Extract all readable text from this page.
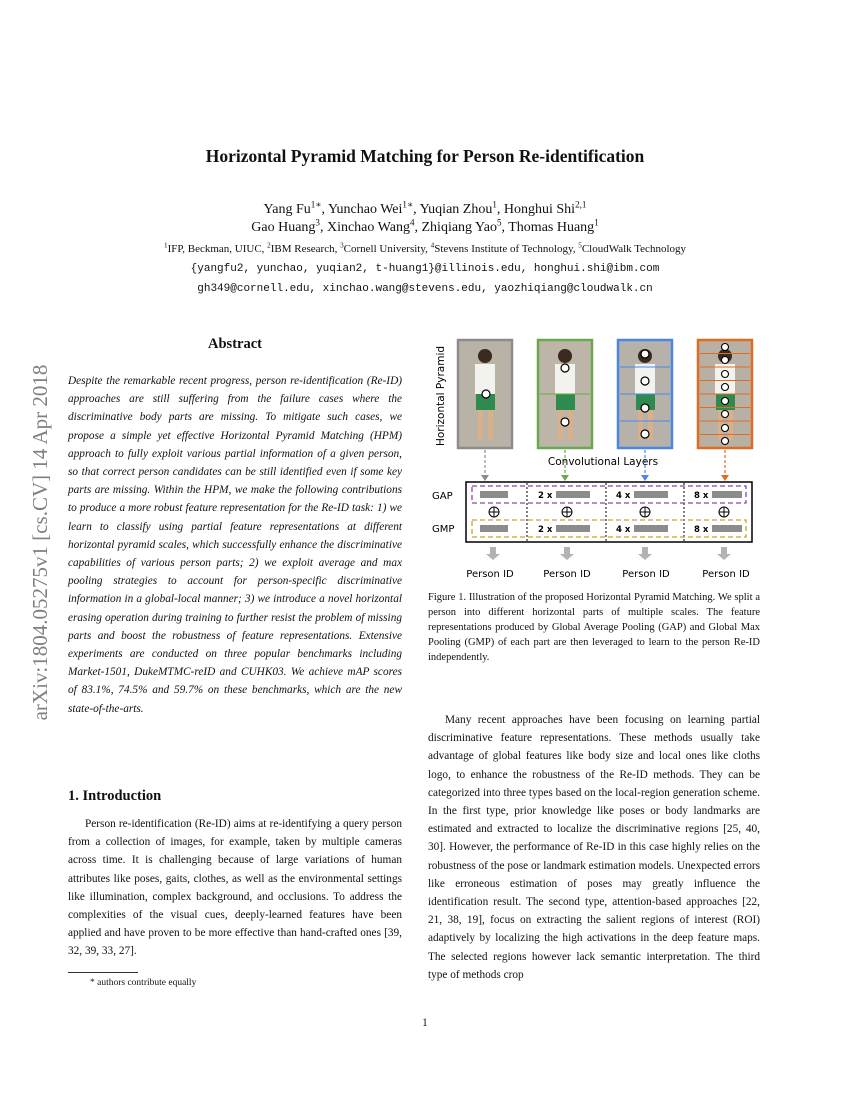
arXiv:1804.05275v1 [cs.CV] 14 Apr 2018
Horizontal Pyramid Matching for Person Re-identification
Yang $Fu^{1∗}$, Yunchao Wei$^{1∗}$, Yuqian Zhou$^1$, Honghui Shi$^{2,1}$
Gao Huang$^3$, Xinchao Wang$^4$, Zhiqiang Yao$^5$, Thomas Huang$^1$
$^1$IFP, Beckman, UIUC, $^2$IBM Research, $^3$Cornell University, $^4$Stevens Institute of Technology, $^5$CloudWalk Technology
{yangfu2, yunchao, yuqian2, t-huang1}@illinois.edu, honghui.shi@ibm.com
gh349@cornell.edu, xinchao.wang@stevens.edu, yaozhiqiang@cloudwalk.cn
Abstract
Despite the remarkable recent progress, person re-identification (Re-ID) approaches are still suffering from the failure cases where the discriminative body parts are missing. To mitigate such cases, we propose a simple yet effective Horizontal Pyramid Matching (HPM) approach to fully exploit various partial information of a given person, so that correct person candidates can be still identified even if some key parts are missing. Within the HPM, we make the following contributions to produce a more robust feature representation for the Re-ID task: 1) we learn to classify using partial feature representations at different horizontal pyramid scales, which successfully enhance the discriminative capabilities of various person parts; 2) we exploit average and max pooling strategies to account for person-specific discriminative information in a global-local manner; 3) we introduce a novel horizontal erasing operation during training to further resist the problem of missing parts and boost the robustness of feature representations. Extensive experiments are conducted on three popular benchmarks including Market-1501, DukeMTMC-reID and CUHK03. We achieve mAP scores of 83.1%, 74.5% and 59.7% on these benchmarks, which are the new state-of-the-arts.
1. Introduction
Person re-identification (Re-ID) aims at re-identifying a query person from a collection of images, for example, taken by multiple cameras across time. It is challenging because of large variations of human attributes like poses, gaits, clothes, as well as the environmental settings like illumination, complex background, and occlusions. To address the complexities of the visual cues, deeply-learned features have been applied and have proven to be more effective than hand-crafted ones [39, 32, 39, 33, 27].
* authors contribute equally
Horizontal Pyramid
Convolutional Layers
GAP
GMP
2 x
2 x
4 x
4 x
8 x
8 x
Person ID	Person ID	Person ID	Person ID
Figure 1. Illustration of the proposed Horizontal Pyramid Matching. We split a person into different horizontal parts of multiple scales. The feature representations produced by Global Average Pooling (GAP) and Global Max Pooling (GMP) of each part are then leveraged to learn to the person Re-ID independently.
Many recent approaches have been focusing on learning partial discriminative feature representations. These methods usually take advantage of global features like body size and local ones like cloths logo, to enhance the robustness of the Re-ID methods. They can be categorized into three types based on the local-region generation scheme. In the first type, prior knowledge like poses or body landmarks are estimated and extracted to localize the discriminative regions [25, 40, 30]. However, the performance of Re-ID in this case highly relies on the robustness of the pose or landmark estimation models. Unexpected errors like erroneous estimation of poses may greatly influence the identification result. The second type, attention-based approaches [22, 21, 38, 19], focus on extracting the salient regions of interest (ROI) adaptively by localizing the high activations in the deep feature maps. The selected regions however lack semantic interpretation. The third type of methods crop
1
